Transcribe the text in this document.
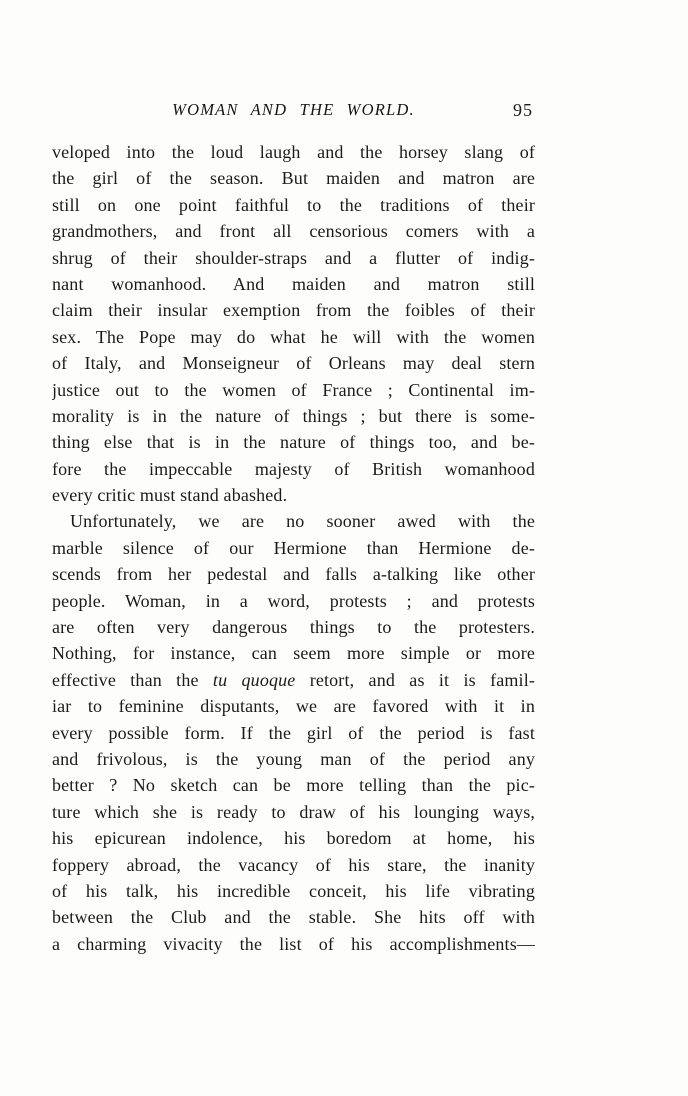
WOMAN AND THE WORLD.	95
veloped into the loud laugh and the horsey slang of
the girl of the season. But maiden and matron are
still on one point faithful to the traditions of their
grandmothers, and front all censorious comers with a
shrug of their shoulder-straps and a flutter of indig-
nant womanhood. And maiden and matron still
claim their insular exemption from the foibles of their
sex. The Pope may do what he will with the women
of Italy, and Monseigneur of Orleans may deal stern
justice out to the women of France ; Continental im-
morality is in the nature of things ; but there is some-
thing else that is in the nature of things too, and be-
fore the impeccable majesty of British womanhood
every critic must stand abashed.
Unfortunately, we are no sooner awed with the
marble silence of our Hermione than Hermione de-
scends from her pedestal and falls a-talking like other
people. Woman, in a word, protests ; and protests
are often very dangerous things to the protesters.
Nothing, for instance, can seem more simple or more
effective than the tu quoque retort, and as it is famil-
iar to feminine disputants, we are favored with it in
every possible form. If the girl of the period is fast
and frivolous, is the young man of the period any
better ? No sketch can be more telling than the pic-
ture which she is ready to draw of his lounging ways,
his epicurean indolence, his boredom at home, his
foppery abroad, the vacancy of his stare, the inanity
of his talk, his incredible conceit, his life vibrating
between the Club and the stable. She hits off with
a charming vivacity the list of his accomplishments—
